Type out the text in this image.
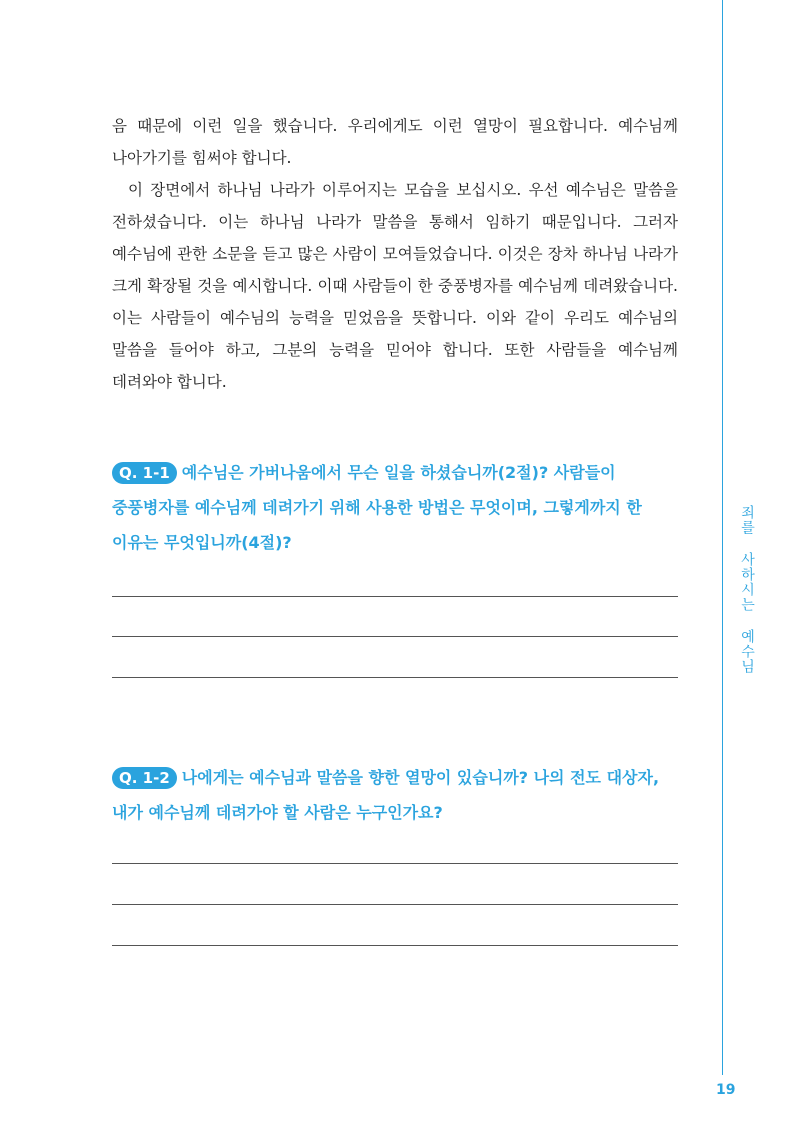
죄를 사하시는 예수님

음 때문에 이런 일을 했습니다. 우리에게도 이런 열망이 필요합니다. 예수님께 나아가기를 힘써야 합니다.

이 장면에서 하나님 나라가 이루어지는 모습을 보십시오. 우선 예수님은 말씀을 전하셨습니다. 이는 하나님 나라가 말씀을 통해서 임하기 때문입니다. 그러자 예수님에 관한 소문을 듣고 많은 사람이 모여들었습니다. 이것은 장차 하나님 나라가 크게 확장될 것을 예시합니다. 이때 사람들이 한 중풍병자를 예수님께 데려왔습니다. 이는 사람들이 예수님의 능력을 믿었음을 뜻합니다. 이와 같이 우리도 예수님의 말씀을 들어야 하고, 그분의 능력을 믿어야 합니다. 또한 사람들을 예수님께 데려와야 합니다.

Q. 1-1 예수님은 가버나움에서 무슨 일을 하셨습니까(2절)? 사람들이 중풍병자를 예수님께 데려가기 위해 사용한 방법은 무엇이며, 그렇게까지 한 이유는 무엇입니까(4절)?
Q. 1-2 나에게는 예수님과 말씀을 향한 열망이 있습니까? 나의 전도 대상자, 내가 예수님께 데려가야 할 사람은 누구인가요?
19
